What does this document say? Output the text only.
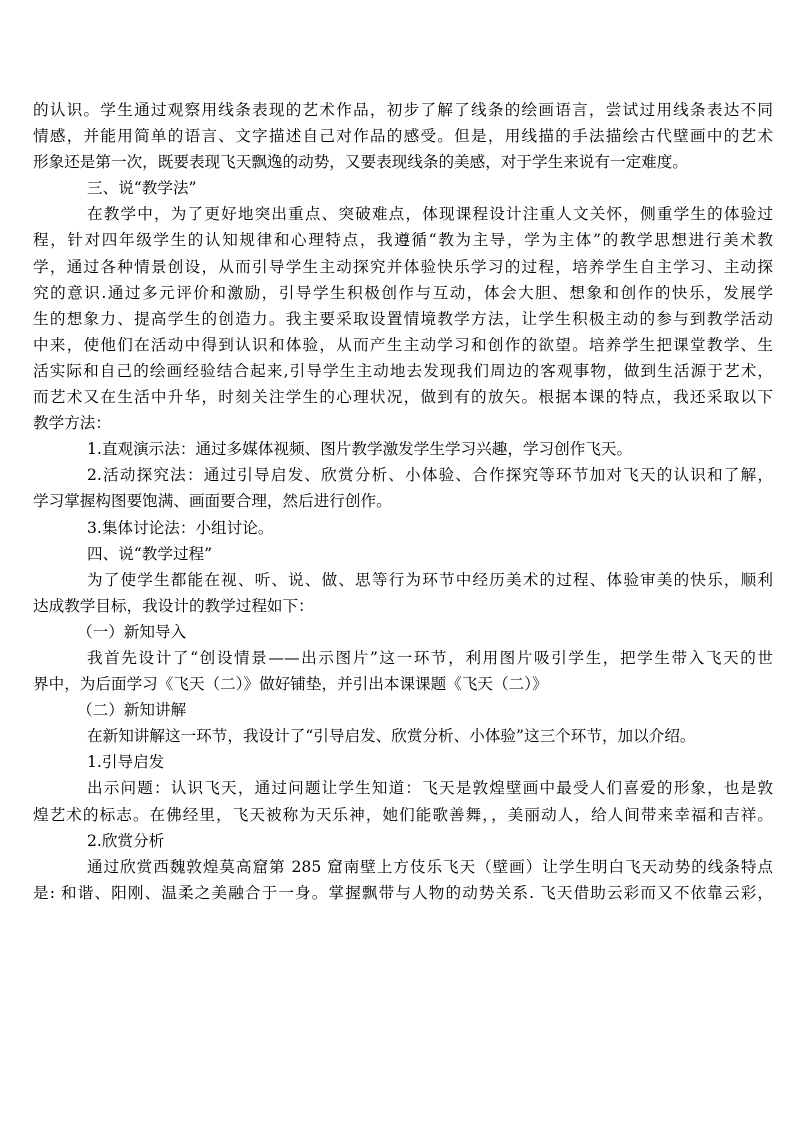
的认识。学生通过观察用线条表现的艺术作品，初步了解了线条的绘画语言，尝试过用线条表达不同
情感，并能用简单的语言、文字描述自己对作品的感受。但是，用线描的手法描绘古代壁画中的艺术
形象还是第一次，既要表现飞天飘逸的动势，又要表现线条的美感，对于学生来说有一定难度。
三、说“教学法”
在教学中，为了更好地突出重点、突破难点，体现课程设计注重人文关怀，侧重学生的体验过
程，针对四年级学生的认知规律和心理特点，我遵循“教为主导，学为主体”的教学思想进行美术教
学，通过各种情景创设，从而引导学生主动探究并体验快乐学习的过程，培养学生自主学习、主动探
究的意识.通过多元评价和激励，引导学生积极创作与互动，体会大胆、想象和创作的快乐，发展学
生的想象力、提高学生的创造力。我主要采取设置情境教学方法，让学生积极主动的参与到教学活动
中来，使他们在活动中得到认识和体验，从而产生主动学习和创作的欲望。培养学生把课堂教学、生
活实际和自己的绘画经验结合起来,引导学生主动地去发现我们周边的客观事物，做到生活源于艺术，
而艺术又在生活中升华，时刻关注学生的心理状况，做到有的放矢。根据本课的特点，我还采取以下
教学方法：
1.直观演示法：通过多媒体视频、图片教学激发学生学习兴趣，学习创作飞天。
2.活动探究法：通过引导启发、欣赏分析、小体验、合作探究等环节加对飞天的认识和了解，
学习掌握构图要饱满、画面要合理，然后进行创作。
3.集体讨论法：小组讨论。
四、说“教学过程”
为了使学生都能在视、听、说、做、思等行为环节中经历美术的过程、体验审美的快乐，顺利
达成教学目标，我设计的教学过程如下：
（一）新知导入
我首先设计了“创设情景——出示图片”这一环节，利用图片吸引学生，把学生带入飞天的世
界中，为后面学习《飞天（二）》做好铺垫，并引出本课课题《飞天（二）》
（二）新知讲解
在新知讲解这一环节，我设计了“引导启发、欣赏分析、小体验”这三个环节，加以介绍。
1.引导启发
出示问题：认识飞天，通过问题让学生知道：飞天是敦煌壁画中最受人们喜爱的形象，也是敦
煌艺术的标志。在佛经里，飞天被称为天乐神，她们能歌善舞，，美丽动人，给人间带来幸福和吉祥。
2.欣赏分析
通过欣赏西魏敦煌莫高窟第 285 窟南壁上方伎乐飞天（壁画）让学生明白飞天动势的线条特点
是: 和谐、阳刚、温柔之美融合于一身。掌握飘带与人物的动势关系. 飞天借助云彩而又不依靠云彩，
